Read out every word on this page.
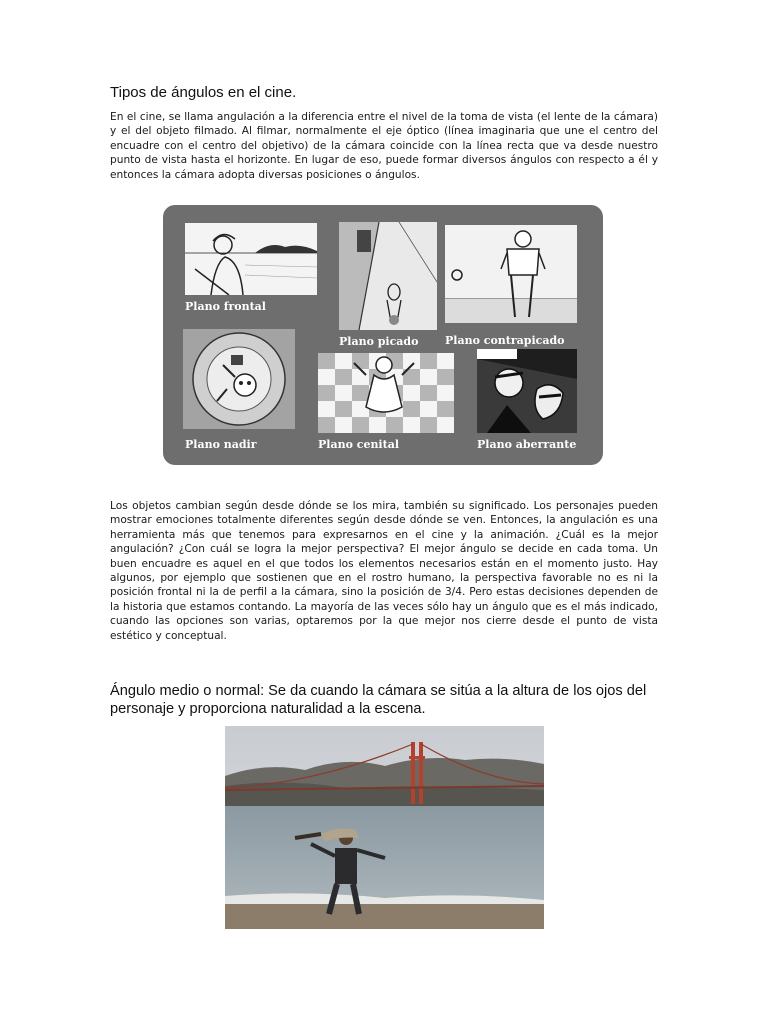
Tipos de ángulos en el cine.
En el cine, se llama angulación a la diferencia entre el nivel de la toma de vista (el lente de la cámara) y el del objeto filmado. Al filmar, normalmente el eje óptico (línea imaginaria que une el centro del encuadre con el centro del objetivo) de la cámara coincide con la línea recta que va desde nuestro punto de vista hasta el horizonte. En lugar de eso, puede formar diversos ángulos con respecto a él y entonces la cámara adopta diversas posiciones o ángulos.
Plano frontal
Plano picado Plano contrapicado
Plano nadir	Plano cenital	Plano aberrante
Los objetos cambian según desde dónde se los mira, también su significado. Los personajes pueden mostrar emociones totalmente diferentes según desde dónde se ven. Entonces, la angulación es una herramienta más que tenemos para expresarnos en el cine y la animación. ¿Cuál es la mejor angulación? ¿Con cuál se logra la mejor perspectiva? El mejor ángulo se decide en cada toma. Un buen encuadre es aquel en el que todos los elementos necesarios están en el momento justo. Hay algunos, por ejemplo que sostienen que en el rostro humano, la perspectiva favorable no es ni la posición frontal ni la de perfil a la cámara, sino la posición de 3/4. Pero estas decisiones dependen de la historia que estamos contando. La mayoría de las veces sólo hay un ángulo que es el más indicado, cuando las opciones son varias, optaremos por la que mejor nos cierre desde el punto de vista estético y conceptual.
Ángulo medio o normal: Se da cuando la cámara se sitúa a la altura de los ojos del personaje y proporciona naturalidad a la escena.
